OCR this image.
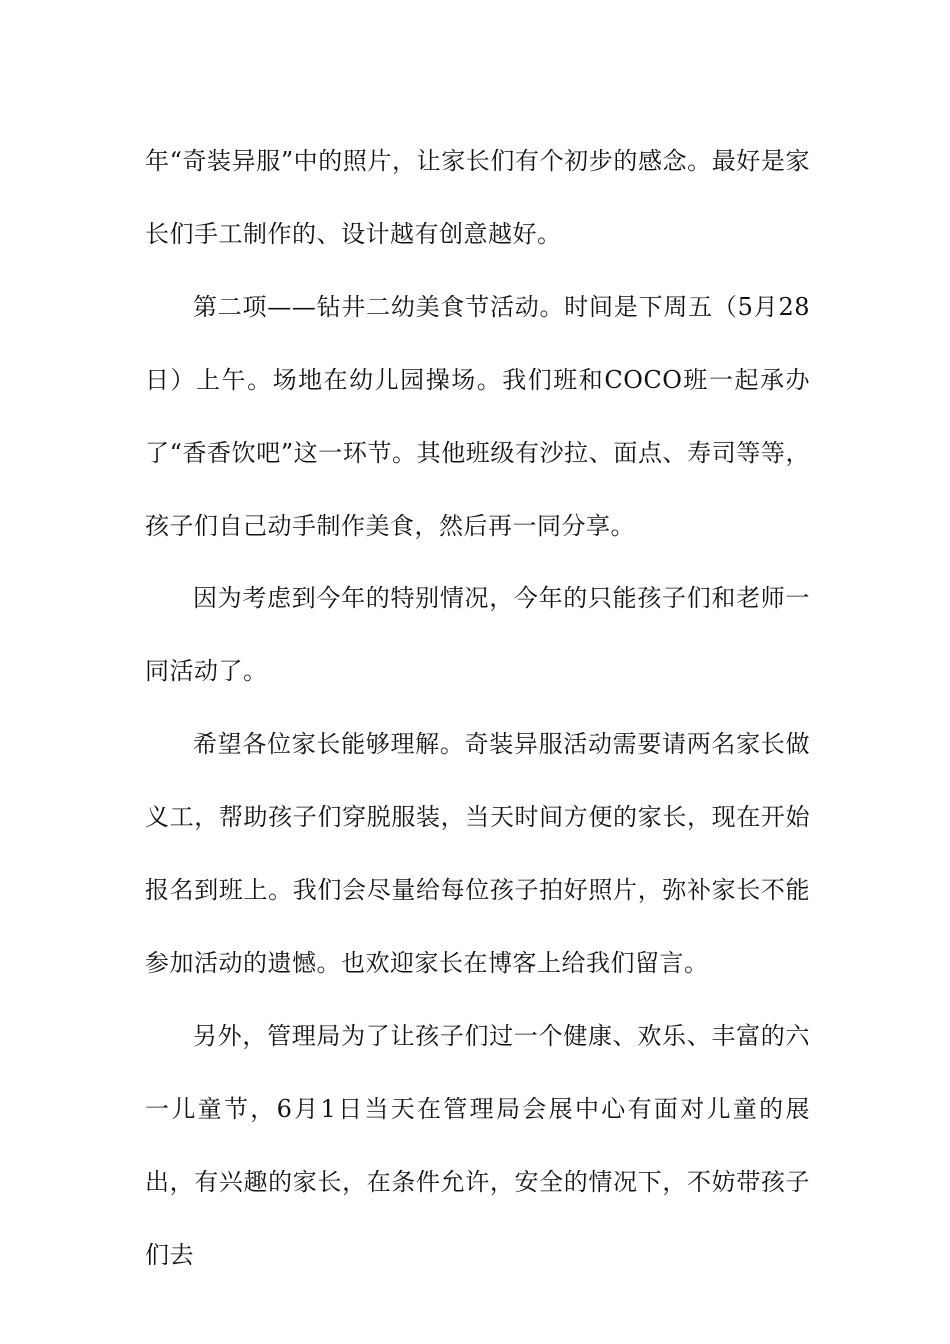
年“奇装异服”中的照片，让家长们有个初步的感念。最好是家长们手工制作的、设计越有创意越好。

第二项——钻井二幼美食节活动。时间是下周五（5月28日）上午。场地在幼儿园操场。我们班和COCO班一起承办了“香香饮吧”这一环节。其他班级有沙拉、面点、寿司等等，孩子们自己动手制作美食，然后再一同分享。

因为考虑到今年的特别情况，今年的只能孩子们和老师一同活动了。

希望各位家长能够理解。奇装异服活动需要请两名家长做义工，帮助孩子们穿脱服装，当天时间方便的家长，现在开始报名到班上。我们会尽量给每位孩子拍好照片，弥补家长不能参加活动的遗憾。也欢迎家长在博客上给我们留言。

另外，管理局为了让孩子们过一个健康、欢乐、丰富的六一儿童节，6月1日当天在管理局会展中心有面对儿童的展出，有兴趣的家长，在条件允许，安全的情况下，不妨带孩子们去
